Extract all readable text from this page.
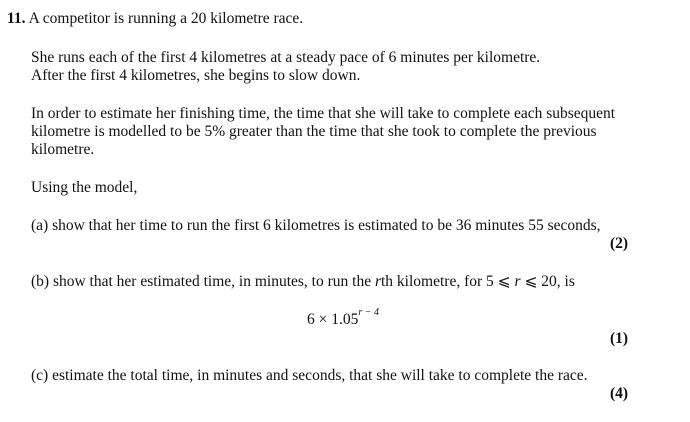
11. A competitor is running a 20 kilometre race.
She runs each of the first 4 kilometres at a steady pace of 6 minutes per kilometre.
After the first 4 kilometres, she begins to slow down.
In order to estimate her finishing time, the time that she will take to complete each subsequent
kilometre is modelled to be 5% greater than the time that she took to complete the previous
kilometre.
Using the model,
(a) show that her time to run the first 6 kilometres is estimated to be 36 minutes 55 seconds,
(2)
(b) show that her estimated time, in minutes, to run the rth kilometre, for 5 ⩽ r ⩽ 20, is
$6 \times 1.05^{r - 4}$
(1)
(c) estimate the total time, in minutes and seconds, that she will take to complete the race.
(4)
